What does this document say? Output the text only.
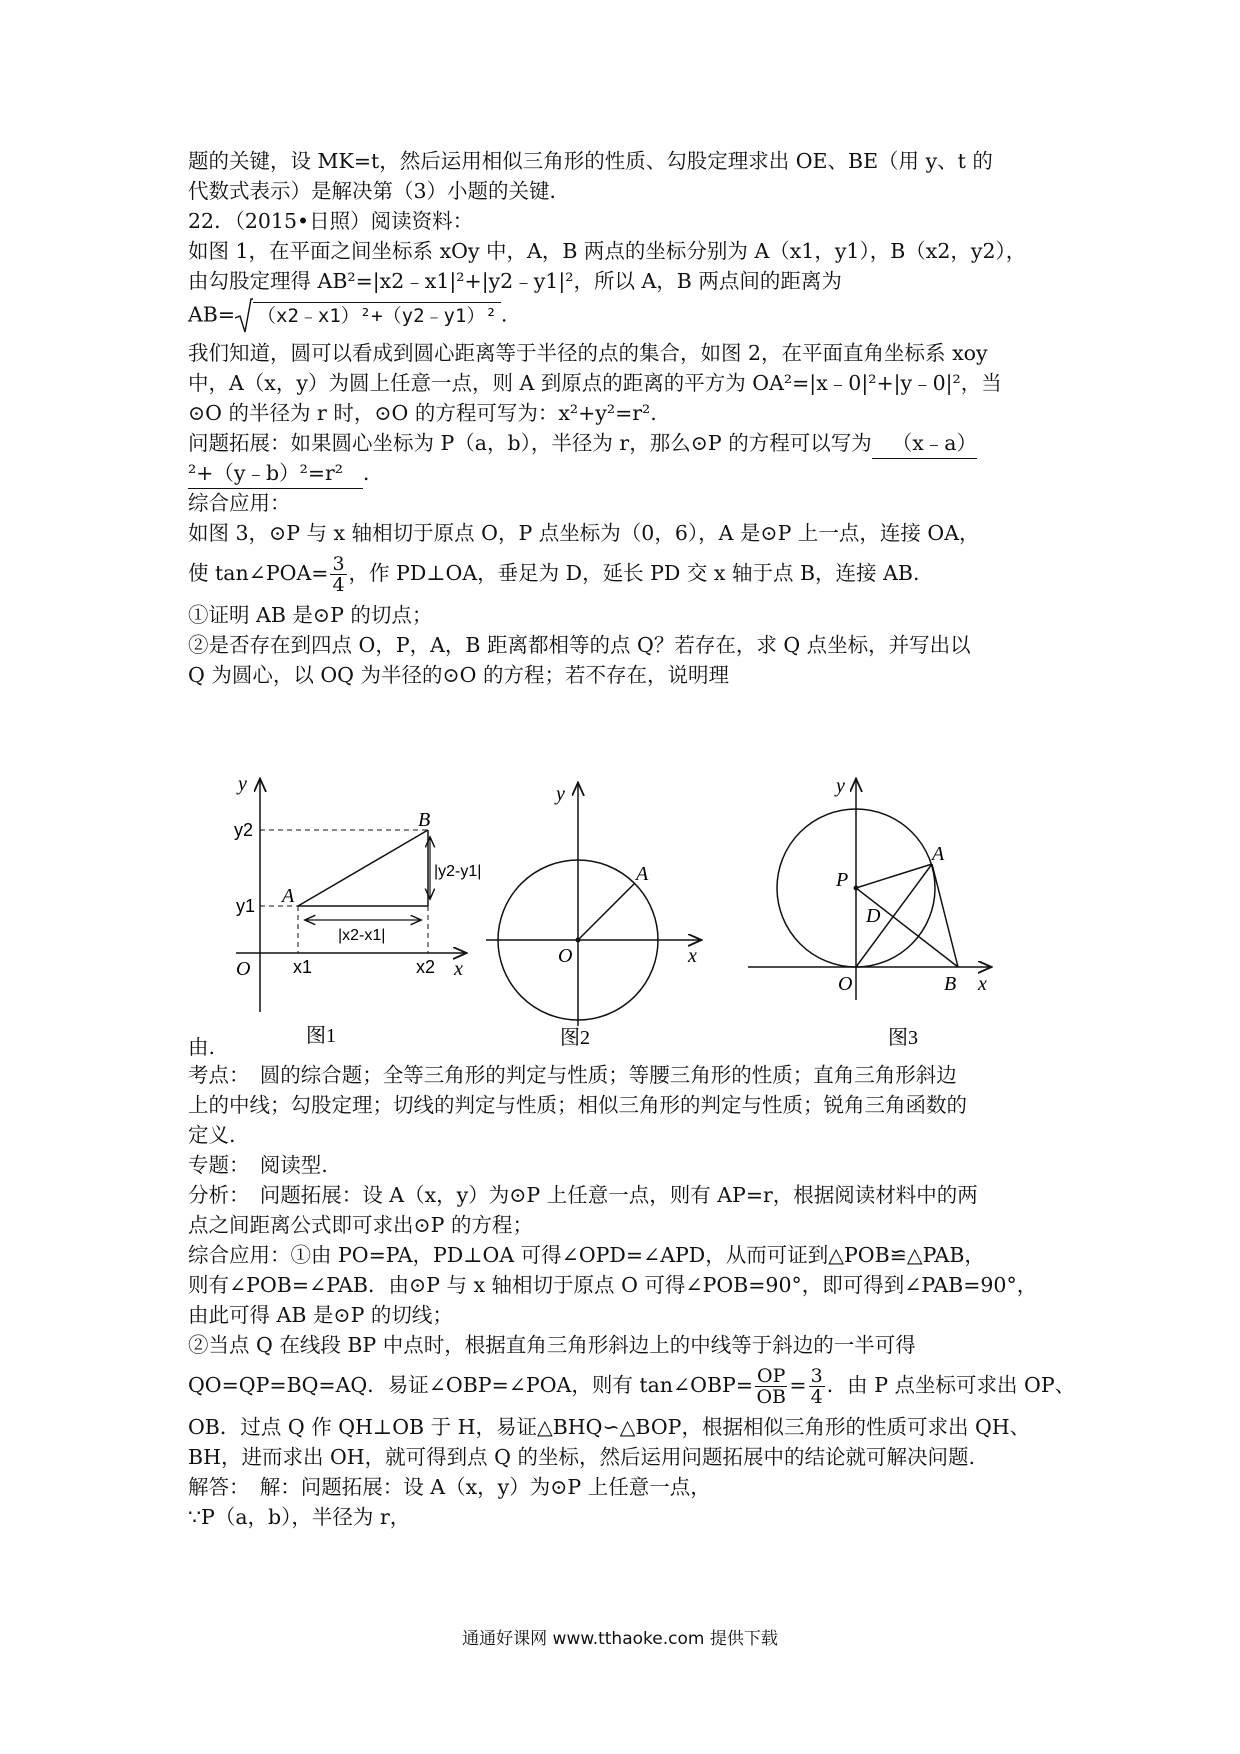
题的关键，设 MK=t，然后运用相似三角形的性质、勾股定理求出 OE、BE（用 y、t 的
代数式表示）是解决第（3）小题的关键．
22．（2015•日照）阅读资料：
如图 1，在平面之间坐标系 xOy 中，A，B 两点的坐标分别为 A（x1，y1），B（x2，y2），
由勾股定理得 AB²=|x2﹣x1|²+|y2﹣y1|²，所以 A，B 两点间的距离为
AB= （x2﹣x1）²+（y2﹣y1）² .
我们知道，圆可以看成到圆心距离等于半径的点的集合，如图 2，在平面直角坐标系 xoy
中，A（x，y）为圆上任意一点，则 A 到原点的距离的平方为 OA²=|x﹣0|²+|y﹣0|²，当
⊙O 的半径为 r 时，⊙O 的方程可写为：x²+y²=r².
问题拓展：如果圆心坐标为 P（a，b），半径为 r，那么⊙P 的方程可以写为 （x﹣a）
²+（y﹣b）²=r² ．
综合应用：
如图 3，⊙P 与 x 轴相切于原点 O，P 点坐标为（0，6），A 是⊙P 上一点，连接 OA，
使 tan∠POA= $\frac{3}{4}$ ，作 PD⊥OA，垂足为 D，延长 PD 交 x 轴于点 B，连接 AB.
①证明 AB 是⊙P 的切点；
②是否存在到四点 O，P，A，B 距离都相等的点 Q？若存在，求 Q 点坐标，并写出以
Q 为圆心，以 OQ 为半径的⊙O 的方程；若不存在，说明理
由.
y
x
O
y2
y1
x1	x2
A
B
|y2-y1|
|x2-x1|
图1
y
x
O
A
图2
y
x
O
P
A
D
B
图3
考点：　圆的综合题；全等三角形的判定与性质；等腰三角形的性质；直角三角形斜边
上的中线；勾股定理；切线的判定与性质；相似三角形的判定与性质；锐角三角函数的
定义.
专题：　阅读型.
分析：　问题拓展：设 A（x，y）为⊙P 上任意一点，则有 AP=r，根据阅读材料中的两
点之间距离公式即可求出⊙P 的方程；
综合应用：①由 PO=PA，PD⊥OA 可得∠OPD=∠APD，从而可证到△POB≌△PAB，
则有∠POB=∠PAB．由⊙P 与 x 轴相切于原点 O 可得∠POB=90°，即可得到∠PAB=90°，
由此可得 AB 是⊙P 的切线；
②当点 Q 在线段 BP 中点时，根据直角三角形斜边上的中线等于斜边的一半可得
QO=QP=BQ=AQ．易证∠OBP=∠POA，则有 tan∠OBP= $\frac{OP}{OB} = \frac{3}{4}$ ．由 P 点坐标可求出 OP、
OB．过点 Q 作 QH⊥OB 于 H，易证△BHQ∽△BOP，根据相似三角形的性质可求出 QH、
BH，进而求出 OH，就可得到点 Q 的坐标，然后运用问题拓展中的结论就可解决问题.
解答：　解：问题拓展：设 A（x，y）为⊙P 上任意一点，
∵P（a，b），半径为 r，
通通好课网 www.tthaoke.com 提供下载
